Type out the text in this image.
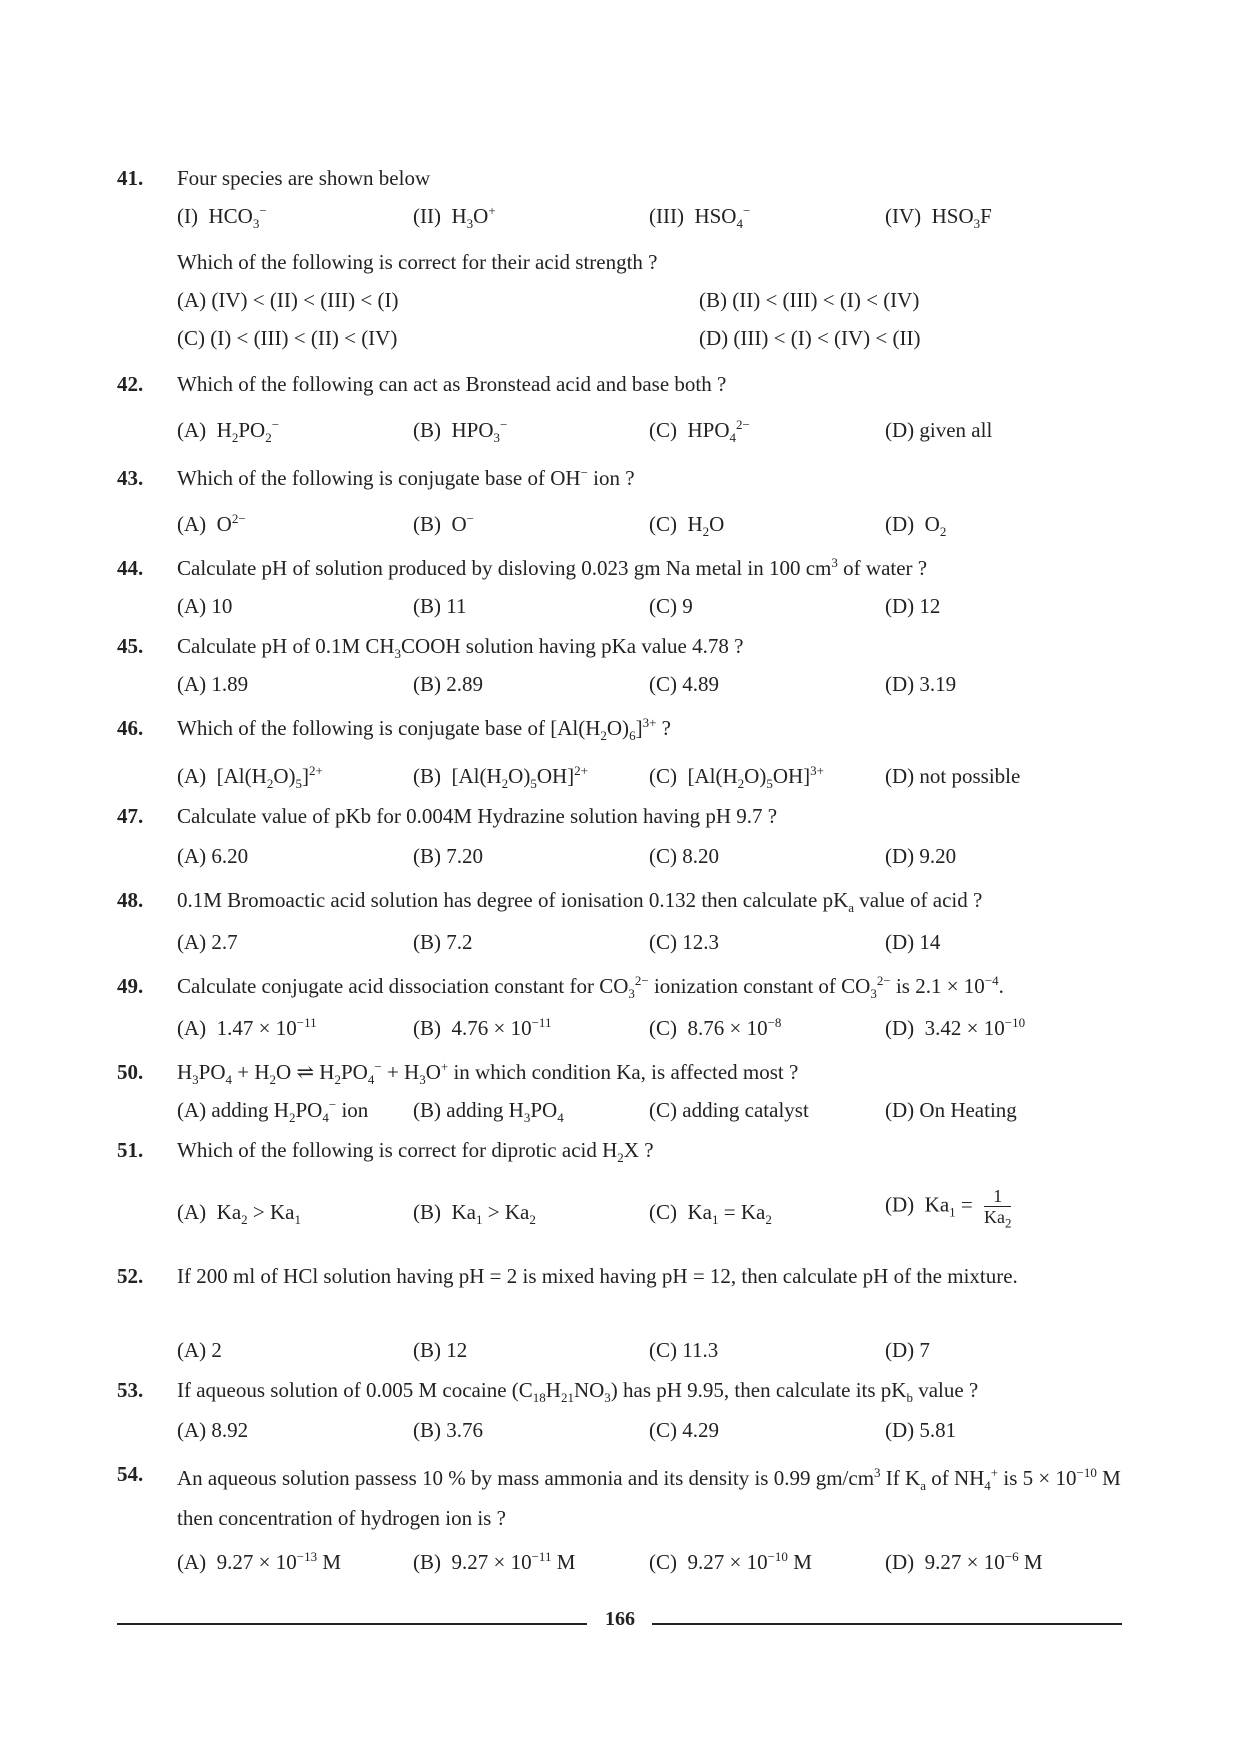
41. Four species are shown below
(I)  $HCO_3^-$	(II)  $H_3O^+$	(III)  $HSO_4^-$	(IV)  $HSO_3F$
Which of the following is correct for their acid strength ?
(A) (IV) < (II) < (III) < (I)	(B) (II) < (III) < (I) < (IV)
(C) (I) < (III) < (II) < (IV)	(D) (III) < (I) < (IV) < (II)
42. Which of the following can act as Bronstead acid and base both ?
(A)  $H_2PO_2^-$	(B)  $HPO_3^-$	(C)  $HPO_4^{2-}$	(D) given all
43. Which of the following is conjugate base of OH− ion ?
(A)  $O^{2-}$	(B)  O−	(C)  $H_2O$	(D)  $O_2$
44. Calculate pH of solution produced by disloving 0.023 gm Na metal in 100 $cm^3$ of water ?
(A) 10	(B) 11	(C) 9	(D) 12
45. Calculate pH of 0.1M $CH_3COOH$ solution having pKa value 4.78 ?
(A) 1.89	(B) 2.89	(C) 4.89	(D) 3.19
46. Which of the following is conjugate base of $[Al(H_2O)_6]^{3+}$ ?
(A)  $[Al(H_2O)_5]^{2+}$	(B)  $[Al(H_2O)_5OH]^{2+}$	(C)  $[Al(H_2O)_5OH]^{3+}$	(D) not possible
47. Calculate value of pKb for 0.004M Hydrazine solution having pH 9.7 ?
(A) 6.20	(B) 7.20	(C) 8.20	(D) 9.20
48. 0.1M Bromoactic acid solution has degree of ionisation 0.132 then calculate $pK_a$ value of acid ?
(A) 2.7	(B) 7.2	(C) 12.3	(D) 14
49. Calculate conjugate acid dissociation constant for $CO_3^{2-}$ ionization constant of $CO_3^{2-}$ is $2.1 \times 10^{-4}$.
(A)  $1.47 \times 10^{-11}$	(B)  $4.76 \times 10^{-11}$	(C)  $8.76 \times 10^{-8}$	(D)  $3.42 \times 10^{-10}$
50. $H_3PO_4 + H_2O$ ⇌ $H_2PO_4^- + H_3O^+$ in which condition Ka, is affected most ?
(A) adding $H_2PO_4^-$ ion (B) adding $H_3PO_4$	(C) adding catalyst	(D) On Heating
51. Which of the following is correct for diprotic acid $H_2X$ ?
(A)  $Ka_2 > Ka_1$	(B)  $Ka_1 > Ka_2$	(C)  $Ka_1 = Ka_2$
(D)  $Ka_1 = \frac{1}{Ka_2}$
52. If 200 ml of HCl solution having pH = 2 is mixed having pH = 12, then calculate pH of the mixture.
(A) 2	(B) 12	(C) 11.3	(D) 7
53. If aqueous solution of 0.005 M cocaine $(C_{18}H_{21}NO_3)$ has pH 9.95, then calculate its $pK_b$ value ?
(A) 8.92	(B) 3.76	(C) 4.29	(D) 5.81
54. An aqueous solution passess 10 % by mass ammonia and its density is 0.99 $gm/cm^3$ If $K_a$ of $NH_4^+$ is $5 \times 10^{-10}$ M then concentration of hydrogen ion is ?
(A)  $9.27 \times 10^{-13}$ M	(B)  $9.27 \times 10^{-11}$ M	(C)  $9.27 \times 10^{-10}$ M	(D)  $9.27 \times 10^{-6}$ M
166
